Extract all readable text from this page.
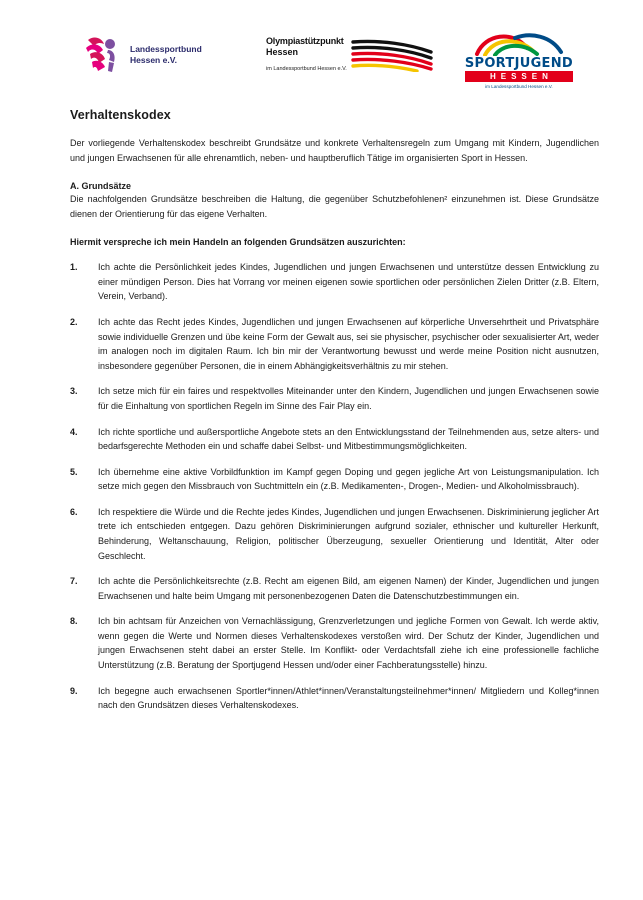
Landessportbund
Hessen e.V.
Olympiastützpunkt
Hessen
im Landessportbund Hessen e.V.	SPORTJUGEND
HESSEN
im Landessportbund Hessen e.V.
Verhaltenskodex

Der vorliegende Verhaltenskodex beschreibt Grundsätze und konkrete Verhaltensregeln zum Umgang mit Kindern, Jugendlichen und jungen Erwachsenen für alle ehrenamtlich, neben- und hauptberuflich Tätige im organisierten Sport in Hessen.

A. Grundsätze

Die nachfolgenden Grundsätze beschreiben die Haltung, die gegenüber Schutzbefohlenen² einzunehmen ist. Diese Grundsätze dienen der Orientierung für das eigene Verhalten.

Hiermit verspreche ich mein Handeln an folgenden Grundsätzen auszurichten:
1.	Ich achte die Persönlichkeit jedes Kindes, Jugendlichen und jungen Erwachsenen und unterstütze dessen Entwicklung zu einer mündigen Person. Dies hat Vorrang vor meinen eigenen sowie sportlichen oder persönlichen Zielen Dritter (z.B. Eltern, Verein, Verband).
2.	Ich achte das Recht jedes Kindes, Jugendlichen und jungen Erwachsenen auf körperliche Unversehrtheit und Privatsphäre sowie individuelle Grenzen und übe keine Form der Gewalt aus, sei sie physischer, psychischer oder sexualisierter Art, weder im analogen noch im digitalen Raum. Ich bin mir der Verantwortung bewusst und werde meine Position nicht ausnutzen, insbesondere gegenüber Personen, die in einem Abhängigkeitsverhältnis zu mir stehen.
3.	Ich setze mich für ein faires und respektvolles Miteinander unter den Kindern, Jugendlichen und jungen Erwachsenen sowie für die Einhaltung von sportlichen Regeln im Sinne des Fair Play ein.
4.	Ich richte sportliche und außersportliche Angebote stets an den Entwicklungsstand der Teilnehmenden aus, setze alters- und bedarfsgerechte Methoden ein und schaffe dabei Selbst- und Mitbestimmungsmöglichkeiten.
5.	Ich übernehme eine aktive Vorbildfunktion im Kampf gegen Doping und gegen jegliche Art von Leistungsmanipulation. Ich setze mich gegen den Missbrauch von Suchtmitteln ein (z.B. Medikamenten-, Drogen-, Medien- und Alkoholmissbrauch).
6.	Ich respektiere die Würde und die Rechte jedes Kindes, Jugendlichen und jungen Erwachsenen. Diskriminierung jeglicher Art trete ich entschieden entgegen. Dazu gehören Diskriminierungen aufgrund sozialer, ethnischer und kultureller Herkunft, Behinderung, Weltanschauung, Religion, politischer Überzeugung, sexueller Orientierung und Identität, Alter oder Geschlecht.
7.	Ich achte die Persönlichkeitsrechte (z.B. Recht am eigenen Bild, am eigenen Namen) der Kinder, Jugendlichen und jungen Erwachsenen und halte beim Umgang mit personenbezogenen Daten die Datenschutzbestimmungen ein.
8.	Ich bin achtsam für Anzeichen von Vernachlässigung, Grenzverletzungen und jegliche Formen von Gewalt. Ich werde aktiv, wenn gegen die Werte und Normen dieses Verhaltenskodexes verstoßen wird. Der Schutz der Kinder, Jugendlichen und jungen Erwachsenen steht dabei an erster Stelle. Im Konflikt- oder Verdachtsfall ziehe ich eine professionelle fachliche Unterstützung (z.B. Beratung der Sportjugend Hessen und/oder einer Fachberatungsstelle) hinzu.
9.	Ich begegne auch erwachsenen Sportler*innen/Athlet*innen/Veranstaltungsteilnehmer*innen/ Mitgliedern und Kolleg*innen nach den Grundsätzen dieses Verhaltenskodexes.
